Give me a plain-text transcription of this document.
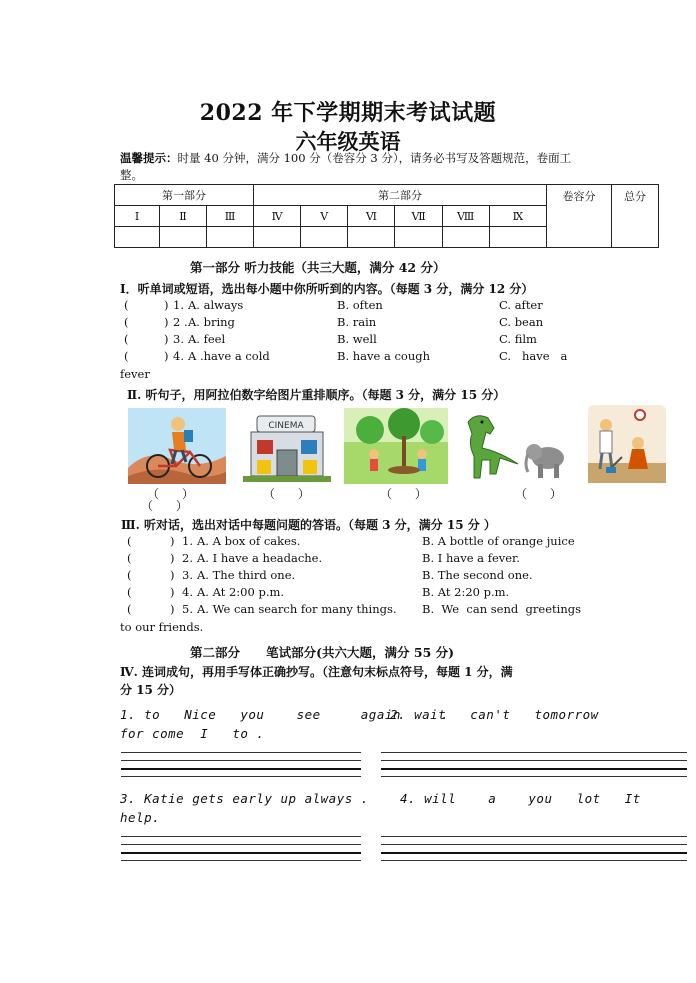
2022 年下学期期末考试试题
六年级英语
温馨提示：时量 40 分钟，满分 100 分（卷容分 3 分），请务必书写及答题规范，卷面工整。
第一部分			第二部分						卷容分	总分
Ⅰ	Ⅱ	Ⅲ	Ⅳ	Ⅴ	Ⅵ	Ⅶ	Ⅷ	Ⅸ		

第一部分 听力技能（共三大题，满分 42 分）
Ⅰ．听单词或短语，选出每小题中你所听到的内容。（每题 3 分，满分 12 分）
(	) 1. A. always	B. often	C. after
(	) 2 . A. bring	B. rain	C. bean
(	) 3. A. feel	B. well	C. film
(	) 4. A .have a cold	B. have a cough	C.   have   a
fever
Ⅱ. 听句子，用阿拉伯数字给图片重排顺序。（每题 3 分，满分 15 分）
CINEMA
（      ）
（      ）
（      ）	（      ）	（      ）
Ⅲ. 听对话，选出对话中每题问题的答语。（每题 3 分，满分 15 分 ）
(	) 1. A. A box of cakes.	B. A bottle of orange juice
(	) 2. A. I have a headache.	B. I have a fever.
(	) 3. A. The third one.	B. The second one.
(	) 4. A. At 2:00 p.m.	B. At 2:20 p.m.
(	) 5. A. We can search for many things. B.  We  can send  greetings
to our friends.
第二部分      笔试部分(共六大题，满分 55 分)
Ⅳ. 连词成句，再用手写体正确抄写。（注意句末标点符号，每题 1 分，满
分 15 分）
1. to   Nice   you    see     again     .
2. wait   can't   tomorrow
for come  I   to .
3. Katie gets early up always . 4. will    a    you   lot   It
help.
